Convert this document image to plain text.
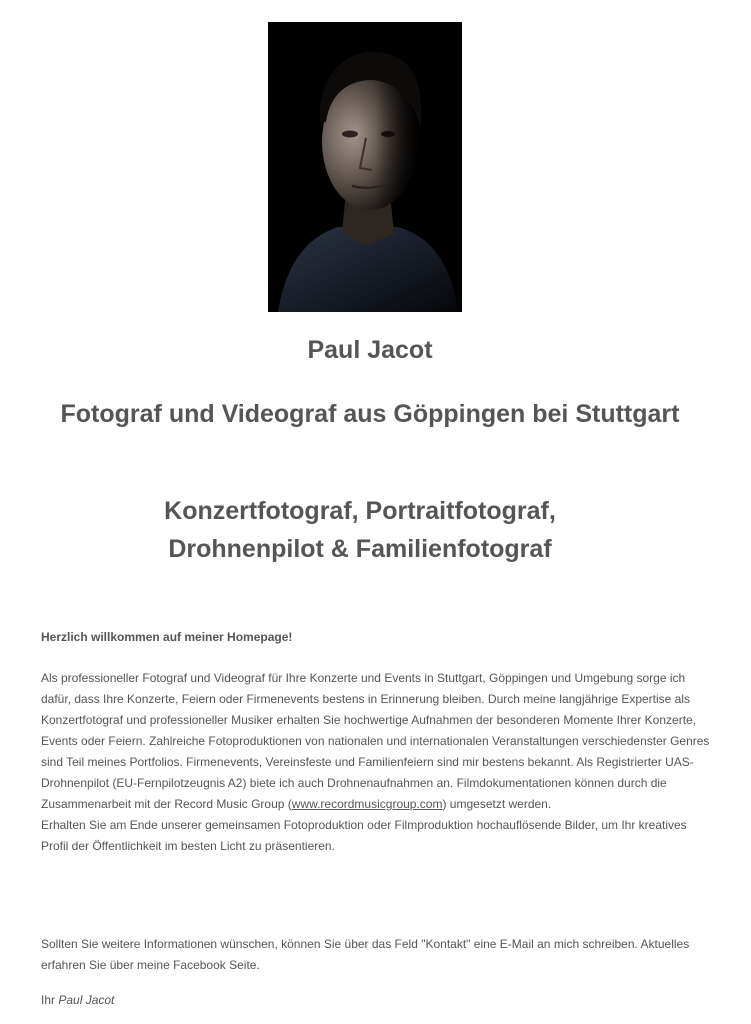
Paul Jacot
Fotograf und Videograf aus Göppingen bei Stuttgart
Konzertfotograf, Portraitfotograf,
Drohnenpilot & Familienfotograf

Herzlich willkommen auf meiner Homepage!

Als professioneller Fotograf und Videograf für Ihre Konzerte und Events in Stuttgart, Göppingen und Umgebung sorge ich dafür, dass Ihre Konzerte, Feiern oder Firmenevents bestens in Erinnerung bleiben. Durch meine langjährige Expertise als Konzertfotograf und professioneller Musiker erhalten Sie hochwertige Aufnahmen der besonderen Momente Ihrer Konzerte, Events oder Feiern. Zahlreiche Fotoproduktionen von nationalen und internationalen Veranstaltungen verschiedenster Genres sind Teil meines Portfolios. Firmenevents, Vereinsfeste und Familienfeiern sind mir bestens bekannt. Als Registrierter UAS-Drohnenpilot (EU-Fernpilotzeugnis A2) biete ich auch Drohnenaufnahmen an. Filmdokumentationen können durch die Zusammenarbeit mit der Record Music Group (www.recordmusicgroup.com) umgesetzt werden.
Erhalten Sie am Ende unserer gemeinsamen Fotoproduktion oder Filmproduktion hochauflösende Bilder, um Ihr kreatives Profil der Öffentlichkeit im besten Licht zu präsentieren.

Sollten Sie weitere Informationen wünschen, können Sie über das Feld "Kontakt" eine E-Mail an mich schreiben. Aktuelles erfahren Sie über meine Facebook Seite.

Ihr Paul Jacot
